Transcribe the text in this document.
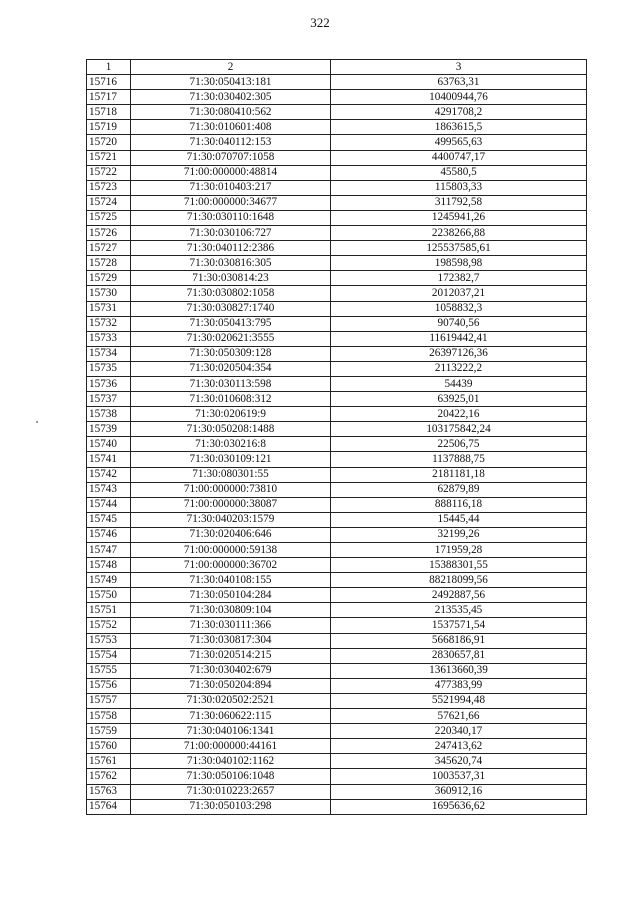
322
1	2	3
15716	71:30:050413:181	63763,31
15717	71:30:030402:305	10400944,76
15718	71:30:080410:562	4291708,2
15719	71:30:010601:408	1863615,5
15720	71:30:040112:153	499565,63
15721	71:30:070707:1058	4400747,17
15722	71:00:000000:48814	45580,5
15723	71:30:010403:217	115803,33
15724	71:00:000000:34677	311792,58
15725	71:30:030110:1648	1245941,26
15726	71:30:030106:727	2238266,88
15727	71:30:040112:2386	125537585,61
15728	71:30:030816:305	198598,98
15729	71:30:030814:23	172382,7
15730	71:30:030802:1058	2012037,21
15731	71:30:030827:1740	1058832,3
15732	71:30:050413:795	90740,56
15733	71:30:020621:3555	11619442,41
15734	71:30:050309:128	26397126,36
15735	71:30:020504:354	2113222,2
15736	71:30:030113:598	54439
15737	71:30:010608:312	63925,01
15738	71:30:020619:9	20422,16
15739	71:30:050208:1488	103175842,24
15740	71:30:030216:8	22506,75
15741	71:30:030109:121	1137888,75
15742	71:30:080301:55	2181181,18
15743	71:00:000000:73810	62879,89
15744	71:00:000000:38087	888116,18
15745	71:30:040203:1579	15445,44
15746	71:30:020406:646	32199,26
15747	71:00:000000:59138	171959,28
15748	71:00:000000:36702	15388301,55
15749	71:30:040108:155	88218099,56
15750	71:30:050104:284	2492887,56
15751	71:30:030809:104	213535,45
15752	71:30:030111:366	1537571,54
15753	71:30:030817:304	5668186,91
15754	71:30:020514:215	2830657,81
15755	71:30:030402:679	13613660,39
15756	71:30:050204:894	477383,99
15757	71:30:020502:2521	5521994,48
15758	71:30:060622:115	57621,66
15759	71:30:040106:1341	220340,17
15760	71:00:000000:44161	247413,62
15761	71:30:040102:1162	345620,74
15762	71:30:050106:1048	1003537,31
15763	71:30:010223:2657	360912,16
15764	71:30:050103:298	1695636,62
